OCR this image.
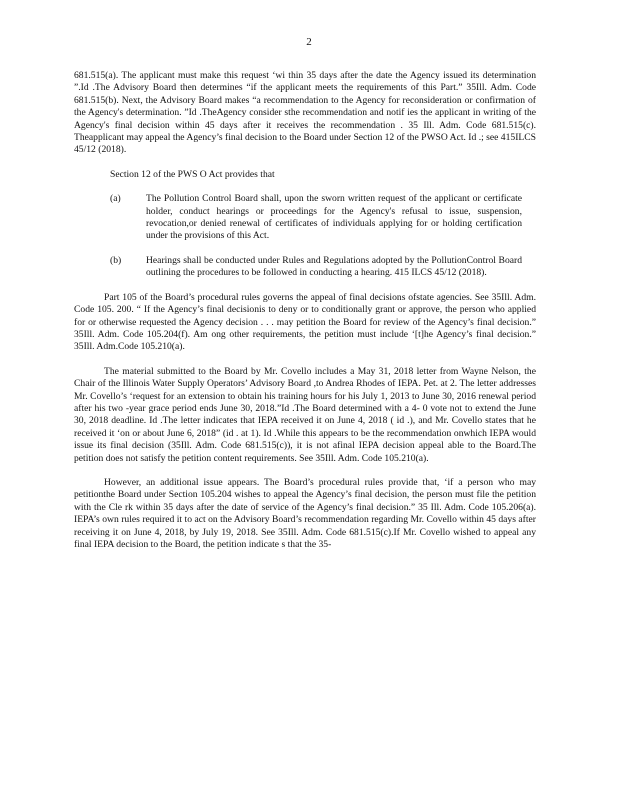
2

681.515(a). The applicant must make this request ‘wi thin 35 days after the date the Agency issued its determination ”.Id .The Advisory Board then determines “if the applicant meets the requirements of this Part.” 35Ill. Adm. Code 681.515(b). Next, the Advisory Board makes “a recommendation to the Agency for reconsideration or confirmation of the Agency's determination. ”Id .TheAgency consider sthe recommendation and notif ies the applicant in writing of the Agency's final decision within 45 days after it receives the recommendation . 35 Ill. Adm. Code 681.515(c). Theapplicant may appeal the Agency’s final decision to the Board under Section 12 of the PWSO Act. Id .; see 415ILCS 45/12 (2018).

Section 12 of the PWS O Act provides that

(a)	The Pollution Control Board shall, upon the sworn written request of the applicant or certificate holder, conduct hearings or proceedings for the Agency's refusal to issue, suspension, revocation,or denied renewal of certificates of individuals applying for or holding certification under the provisions of this Act.
(b)	Hearings shall be conducted under Rules and Regulations adopted by the PollutionControl Board outlining the procedures to be followed in conducting a hearing. 415 ILCS 45/12 (2018).

Part 105 of the Board’s procedural rules governs the appeal of final decisions ofstate agencies. See 35Ill. Adm. Code 105. 200. “ If the Agency’s final decisionis to deny or to conditionally grant or approve, the person who applied for or otherwise requested the Agency decision . . . may petition the Board for review of the Agency’s final decision.” 35Ill. Adm. Code 105.204(f). Am ong other requirements, the petition must include ‘[t]he Agency’s final decision.” 35Ill. Adm.Code 105.210(a).

The material submitted to the Board by Mr. Covello includes a May 31, 2018 letter from Wayne Nelson, the Chair of the Illinois Water Supply Operators’ Advisory Board ,to Andrea Rhodes of IEPA. Pet. at 2. The letter addresses Mr. Covello’s ‘request for an extension to obtain his training hours for his July 1, 2013 to June 30, 2016 renewal period after his two -year grace period ends June 30, 2018.”Id .The Board determined with a 4- 0 vote not to extend the June 30, 2018 deadline. Id .The letter indicates that IEPA received it on June 4, 2018 ( id .), and Mr. Covello states that he received it ‘on or about June 6, 2018” (id . at 1). Id .While this appears to be the recommendation onwhich IEPA would issue its final decision (35Ill. Adm. Code 681.515(c)), it is not afinal IEPA decision appeal able to the Board.The petition does not satisfy the petition content requirements. See 35Ill. Adm. Code 105.210(a).

However, an additional issue appears. The Board’s procedural rules provide that, ‘if a person who may petitionthe Board under Section 105.204 wishes to appeal the Agency’s final decision, the person must file the petition with the Cle rk within 35 days after the date of service of the Agency’s final decision.” 35 Ill. Adm. Code 105.206(a). IEPA’s own rules required it to act on the Advisory Board’s recommendation regarding Mr. Covello within 45 days after receiving it on June 4, 2018, by July 19, 2018. See 35Ill. Adm. Code 681.515(c).If Mr. Covello wished to appeal any final IEPA decision to the Board, the petition indicate s that the 35-
